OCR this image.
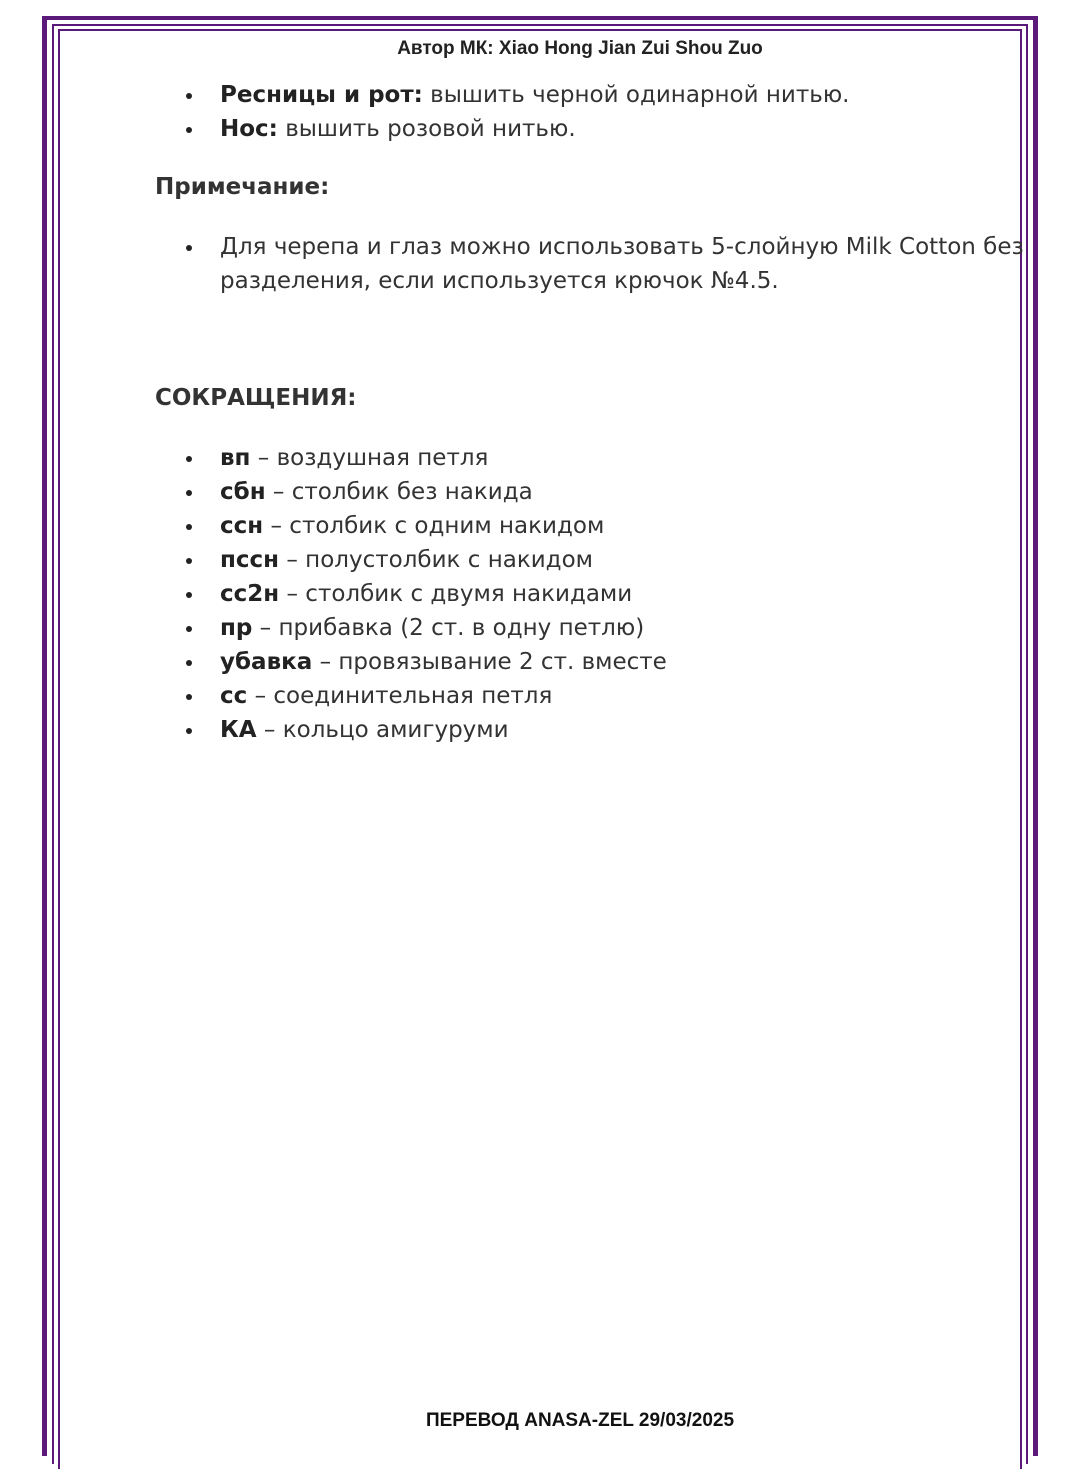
Автор МК: Xiao Hong Jian Zui Shou Zuo
Ресницы и рот: вышить черной одинарной нитью.
Нос: вышить розовой нитью.
Примечание:
Для черепа и глаз можно использовать 5-слойную Milk Cotton без разделения, если используется крючок №4.5.
СОКРАЩЕНИЯ:
вп – воздушная петля
сбн – столбик без накида
ссн – столбик с одним накидом
пссн – полустолбик с накидом
сс2н – столбик с двумя накидами
пр – прибавка (2 ст. в одну петлю)
убавка – провязывание 2 ст. вместе
сс – соединительная петля
КА – кольцо амигуруми
ПЕРЕВОД ANASA-ZEL 29/03/2025
